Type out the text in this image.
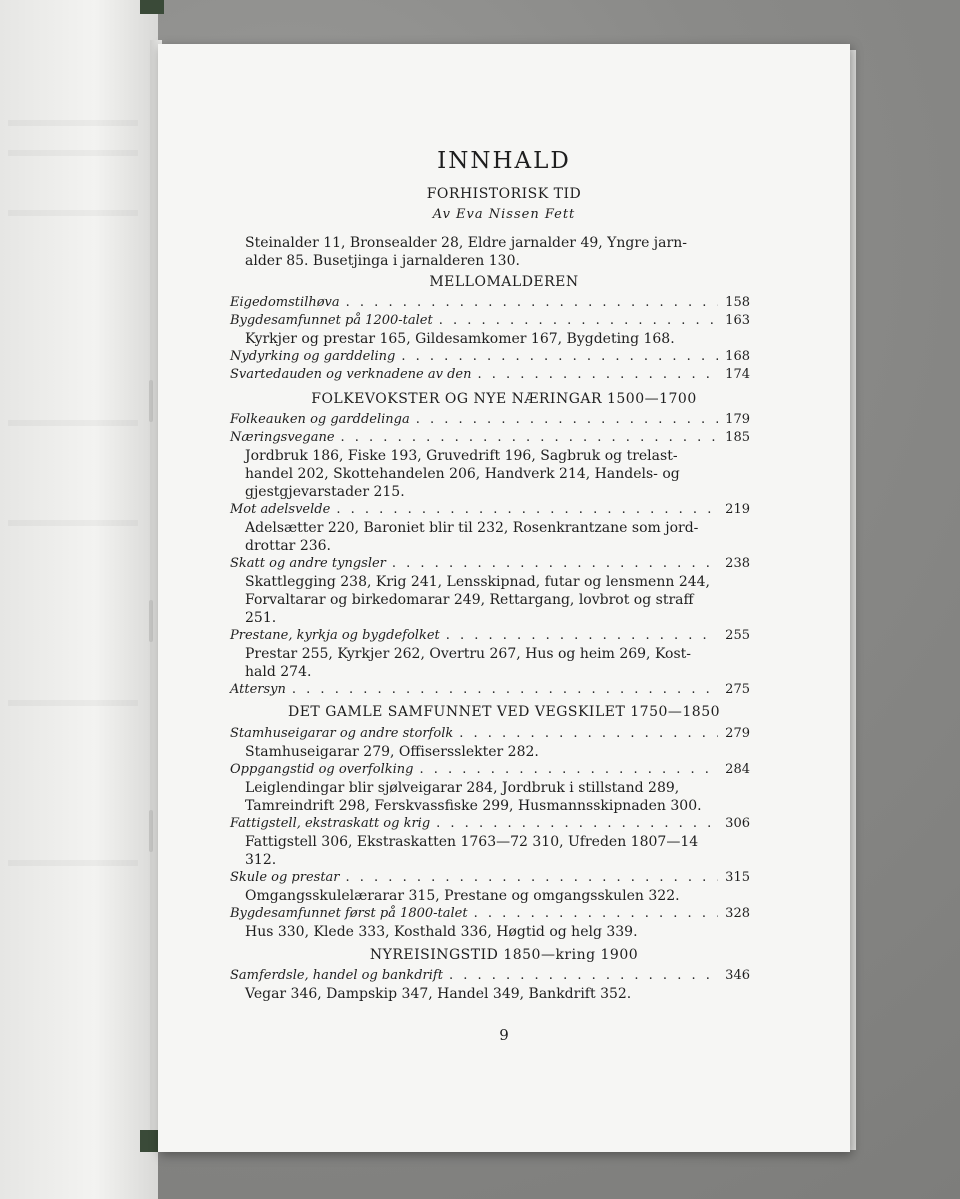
INNHALD
FORHISTORISK TID
Av Eva Nissen Fett
Steinalder 11, Bronsealder 28, Eldre jarnalder 49, Yngre jarn-alder 85. Busetjinga i jarnalderen 130.
MELLOMALDEREN
Eigedomstilhøva . . .	158
Bygdesamfunnet på 1200-talet . . .	163
Kyrkjer og prestar 165, Gildesamkomer 167, Bygdeting 168.
Nydyrking og garddeling . . .	168
Svartedauden og verknadene av den . . .	174
FOLKEVOKSTER OG NYE NÆRINGAR 1500—1700
Folkeauken og garddelinga . . .	179
Næringsvegane . . .	185
Jordbruk 186, Fiske 193, Gruvedrift 196, Sagbruk og trelast-handel 202, Skottehandelen 206, Handverk 214, Handels- og gjestgjevarstader 215.
Mot adelsvelde . . .	219
Adelsætter 220, Baroniet blir til 232, Rosenkrantzane som jord-drottar 236.
Skatt og andre tyngsler . . .	238
Skattlegging 238, Krig 241, Lensskipnad, futar og lensmenn 244, Forvaltarar og birkedomarar 249, Rettargang, lovbrot og straff 251.
Prestane, kyrkja og bygdefolket . . .	255
Prestar 255, Kyrkjer 262, Overtru 267, Hus og heim 269, Kost-hald 274.
Attersyn . . .	275
DET GAMLE SAMFUNNET VED VEGSKILET 1750—1850
Stamhuseigarar og andre storfolk . . .	279
Stamhuseigarar 279, Offisersslekter 282.
Oppgangstid og overfolking . . .	284
Leiglendingar blir sjølveigarar 284, Jordbruk i stillstand 289, Tamreindrift 298, Ferskvassfiske 299, Husmannsskipnaden 300.
Fattigstell, ekstraskatt og krig . . .	306
Fattigstell 306, Ekstraskatten 1763—72 310, Ufreden 1807—14 312.
Skule og prestar . . .	315
Omgangsskulelærarar 315, Prestane og omgangsskulen 322.
Bygdesamfunnet først på 1800-talet . . .	328
Hus 330, Klede 333, Kosthald 336, Høgtid og helg 339.
NYREISINGSTID 1850—kring 1900
Samferdsle, handel og bankdrift . . .	346
Vegar 346, Dampskip 347, Handel 349, Bankdrift 352.
9
